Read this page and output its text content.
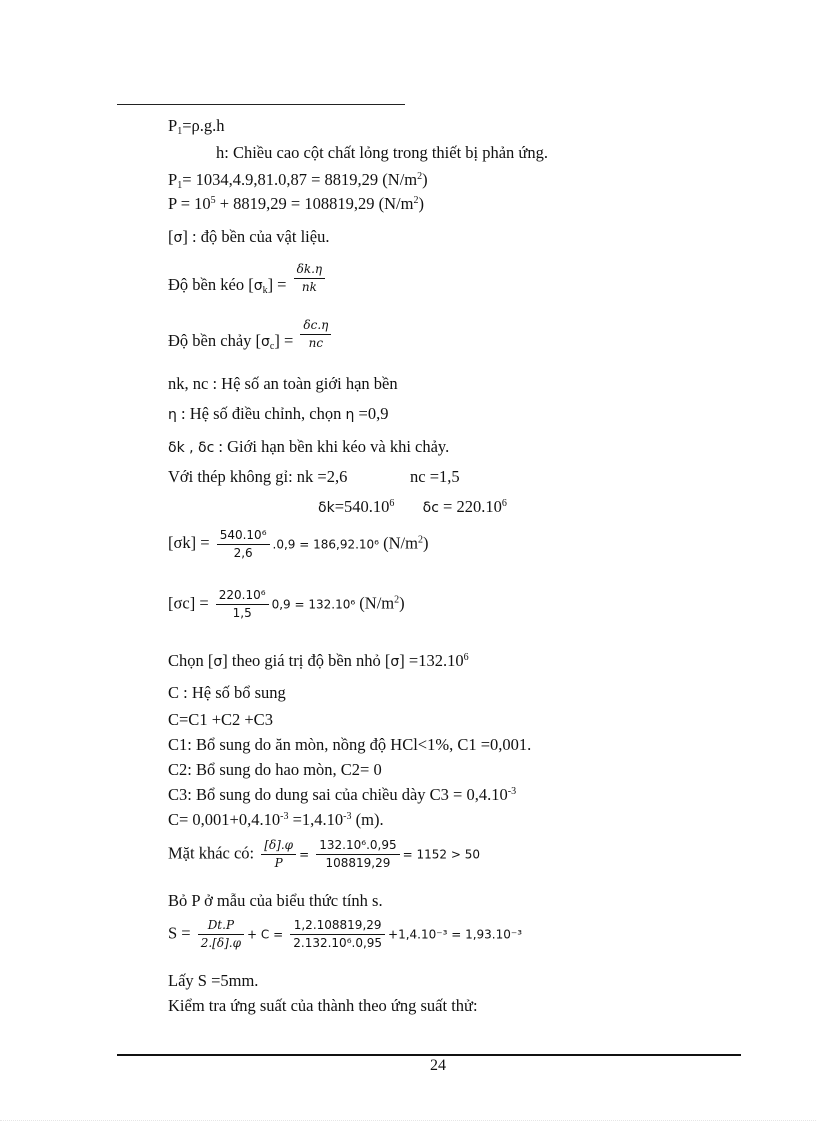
$P_1=\rho.g.h$
h: Chiều cao cột chất lỏng trong thiết bị phản ứng.
$P_1= 1034,4.9,81.0,87 = 8819,29$ $(N/m^2)$
$P = 10^5 + 8819,29 = 108819,29$ $(N/m^2)$
[σ] : độ bền của vật liệu.
Độ bền kéo $[_{\sigma k}] = \frac{\delta k.\eta}{nk}$
Độ bền chảy $[_{\sigma c}] = \frac{\delta c.\eta}{nc}$
nk, nc : Hệ số an toàn giới hạn bền
η : Hệ số điều chỉnh, chọn η =0,9
δk , δc : Giới hạn bền khi kéo và khi chảy.
Với thép không gỉ: nk =2,6	nc =1,5
$\delta k=540.10^6$ $\delta c = 220.10^6$
$[\sigma k] = \frac{\text{540.10⁶}}{2,6} .0,9 = 186,92.10^6$ $(N/m^2)$
$[\sigma c] = \frac{\text{220.10⁶}}{1,5} 0,9 = 132.10^6$ $(N/m^2)$
Chọn [σ] theo giá trị độ bền nhỏ $[\sigma] =132.10^6$
C : Hệ số bổ sung
C=C1 +C2 +C3
C1: Bổ sung do ăn mòn, nồng độ HCl<1%, C1 =0,001.
C2: Bổ sung do hao mòn, C2= 0
C3: Bổ sung do dung sai của chiều dày $C3 = 0,4.10^{-3}$
$C= 0,001+0,4.10^{-3} =1,4.10^{-3}$ (m).
Mặt khác có: $\frac{[\delta].\varphi}{P} = \frac{\text{132.10⁶.0,95}}{108819,29} = 1152 > 50$
Bỏ P ở mẫu của biểu thức tính s.
$S = \frac{Dt.P}{2.[\delta].\varphi} + C = \frac{1,2.108819,29}{\text{2.132.10⁶.0,95}} +1,4.10^{-3} = 1,93.10^{-3}$
Lấy S =5mm.
Kiểm tra ứng suất của thành theo ứng suất thử:
24
